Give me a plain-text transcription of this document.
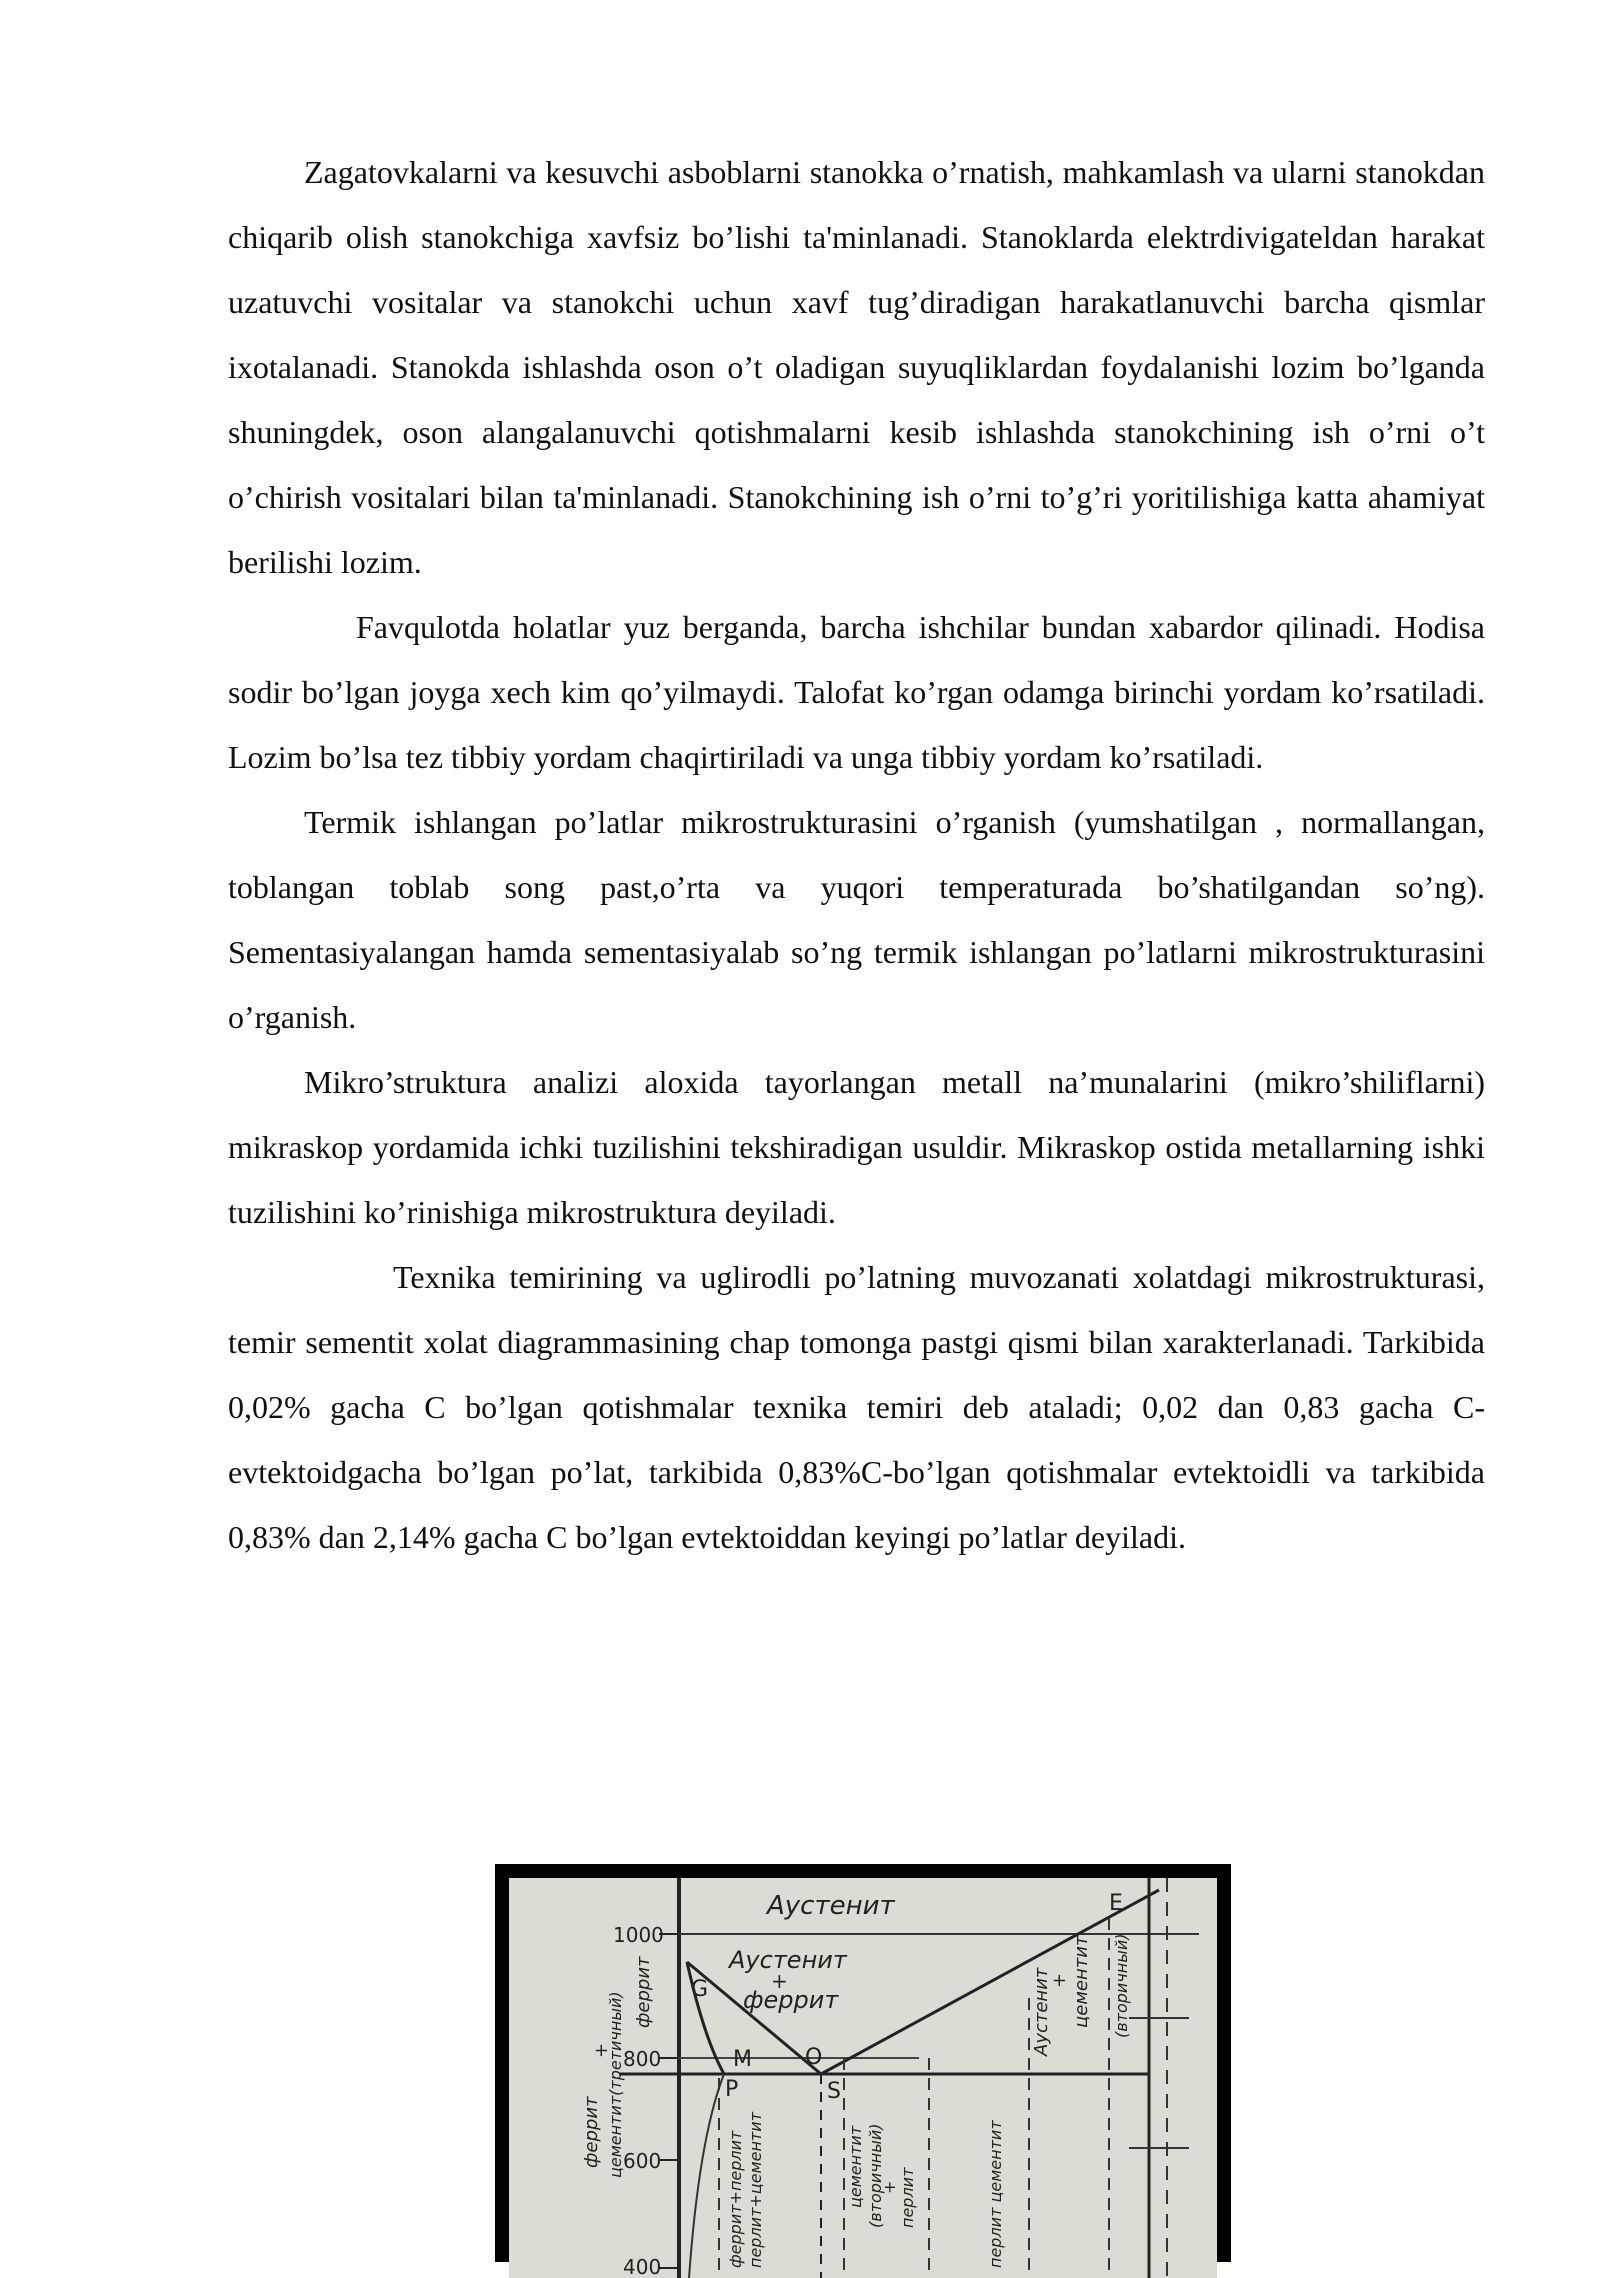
Zagatovkalarni va kesuvchi asboblarni stanokka o’rnatish, mahkamlash va ularni stanokdan chiqarib olish stanokchiga xavfsiz bo’lishi ta'minlanadi. Stanoklarda elektrdivigateldan harakat uzatuvchi vositalar va stanokchi uchun xavf tug’diradigan harakatlanuvchi barcha qismlar ixotalanadi. Stanokda ishlashda oson o’t oladigan suyuqliklardan foydalanishi lozim bo’lganda shuningdek, oson alangalanuvchi qotishmalarni kesib ishlashda stanokchining ish o’rni o’t o’chirish vositalari bilan ta'minlanadi. Stanokchining ish o’rni to’g’ri yoritilishiga katta ahamiyat berilishi lozim.

Favqulotda holatlar yuz berganda, barcha ishchilar bundan xabardor qilinadi. Hodisa sodir bo’lgan joyga xech kim qo’yilmaydi. Talofat ko’rgan odamga birinchi yordam ko’rsatiladi. Lozim bo’lsa tez tibbiy yordam chaqirtiriladi va unga tibbiy yordam ko’rsatiladi.

Termik ishlangan po’latlar mikrostrukturasini o’rganish (yumshatilgan , normallangan, toblangan toblab song past,o’rta va yuqori temperaturada bo’shatilgandan so’ng). Sementasiyalangan hamda sementasiyalab so’ng termik ishlangan po’latlarni mikrostrukturasini o’rganish.

Mikro’struktura analizi aloxida tayorlangan metall na’munalarini (mikro’shiliflarni) mikraskop yordamida ichki tuzilishini tekshiradigan usuldir. Mikraskop ostida metallarning ishki tuzilishini ko’rinishiga mikrostruktura deyiladi.

Texnika temirining va uglirodli po’latning muvozanati xolatdagi mikrostrukturasi, temir sementit xolat diagrammasining chap tomonga pastgi qismi bilan xarakterlanadi. Tarkibida 0,02% gacha C bo’lgan qotishmalar texnika temiri deb ataladi; 0,02 dan 0,83 gacha C-evtektoidgacha bo’lgan po’lat, tarkibida 0,83%C-bo’lgan qotishmalar evtektoidli va tarkibida 0,83% dan 2,14% gacha C bo’lgan evtektoiddan keyingi po’latlar deyiladi.

Аустенит
Аустенит
+
феррит
1000
800
600
400
G
M O
P	S
E
феррит цементит(третичный) феррит
+	Аустенит
+ цементит (вторичный)
феррит+перлит перлит+цементит	цементит (вторичный)
+ перлит	перлит цементит
